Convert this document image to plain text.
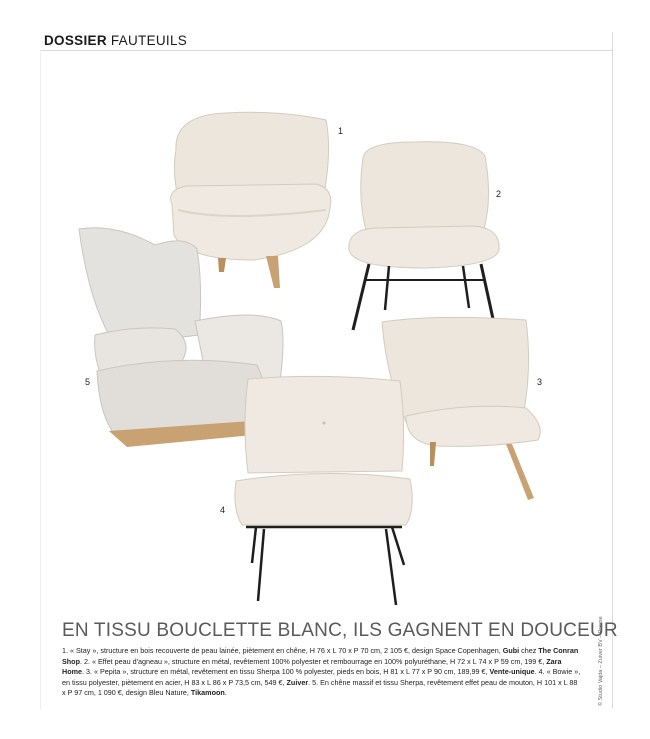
DOSSIER FAUTEUILS
1
2
3
5
4
EN TISSU BOUCLETTE BLANC, ILS GAGNENT EN DOUCEUR
1. « Stay », structure en bois recouverte de peau lainée, piètement en chêne, H 76 x L 70 x P 70 cm, 2 105 €, design Space Copenhagen, Gubi chez The Conran Shop. 2. « Effet peau d'agneau », structure en métal, revêtement 100% polyester et rembourrage en 100% polyuréthane, H 72 x L 74 x P 59 cm, 199 €, Zara Home. 3. « Pepita », structure en métal, revêtement en tissu Sherpa 100 % polyester, pieds en bois, H 81 x L 77 x P 90 cm, 189,99 €, Vente-unique. 4. « Bowie », en tissu polyester, piètement en acier, H 83 x L 86 x P 73,5 cm, 549 €, Zuiver. 5. En chêne massif et tissu Sherpa, revêtement effet peau de mouton, H 101 x L 88 x P 97 cm, 1 090 €, design Bleu Nature, Tikamoon.	© Studio Vajda – Zuiver BV – Presse
